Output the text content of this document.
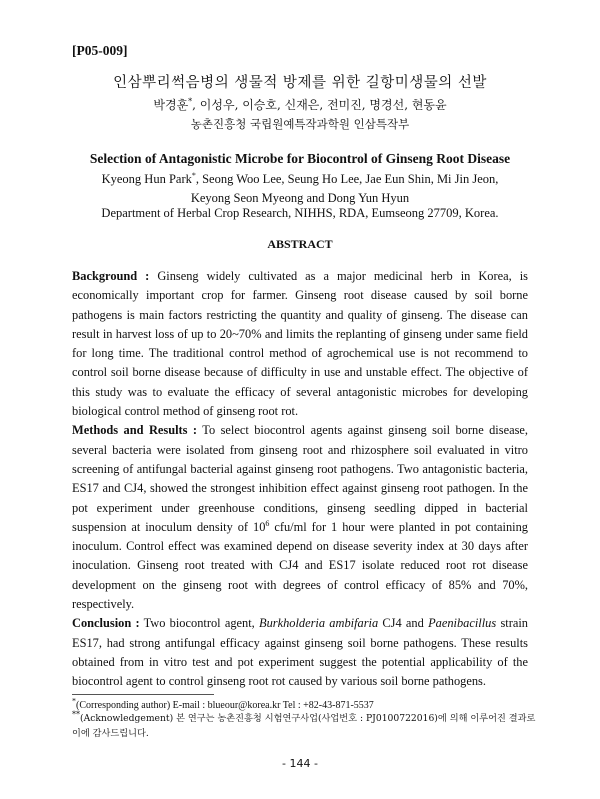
[P05-009]
인삼뿌리썩음병의 생물적 방제를 위한 길항미생물의 선발
박경훈*, 이성우, 이승호, 신재은, 전미진, 명경선, 현동윤
농촌진흥청 국립원예특작과학원 인삼특작부
Selection of Antagonistic Microbe for Biocontrol of Ginseng Root Disease
Kyeong Hun Park*, Seong Woo Lee, Seung Ho Lee, Jae Eun Shin, Mi Jin Jeon,
Keyong Seon Myeong and Dong Yun Hyun
Department of Herbal Crop Research, NIHHS, RDA, Eumseong 27709, Korea.
ABSTRACT

Background : Ginseng widely cultivated as a major medicinal herb in Korea, is economically important crop for farmer. Ginseng root disease caused by soil borne pathogens is main factors restricting the quantity and quality of ginseng. The disease can result in harvest loss of up to 20~70% and limits the replanting of ginseng under same field for long time. The traditional control method of agrochemical use is not recommend to control soil borne disease because of difficulty in use and unstable effect. The objective of this study was to evaluate the efficacy of several antagonistic microbes for developing biological control method of ginseng root rot.

Methods and Results : To select biocontrol agents against ginseng soil borne disease, several bacteria were isolated from ginseng root and rhizosphere soil evaluated in vitro screening of antifungal bacterial against ginseng root pathogens. Two antagonistic bacteria, ES17 and CJ4, showed the strongest inhibition effect against ginseng root pathogen. In the pot experiment under greenhouse conditions, ginseng seedling dipped in bacterial suspension at inoculum density of $10^6$ cfu/ml for 1 hour were planted in pot containing inoculum. Control effect was examined depend on disease severity index at 30 days after inoculation. Ginseng root treated with CJ4 and ES17 isolate reduced root rot disease development on the ginseng root with degrees of control efficacy of 85% and 70%, respectively.

Conclusion : Two biocontrol agent, Burkholderia ambifaria CJ4 and Paenibacillus strain ES17, had strong antifungal efficacy against ginseng soil borne pathogens. These results obtained from in vitro test and pot experiment suggest the potential applicability of the biocontrol agent to control ginseng root rot caused by various soil borne pathogens.

*(Corresponding author) E-mail : blueour@korea.kr Tel : +82-43-871-5537
**(Acknowledgement) 본 연구는 농촌진흥청 시험연구사업(사업번호 : PJ0100722016)에 의해 이루어진 결과로
이에 감사드립니다.
- 144 -
